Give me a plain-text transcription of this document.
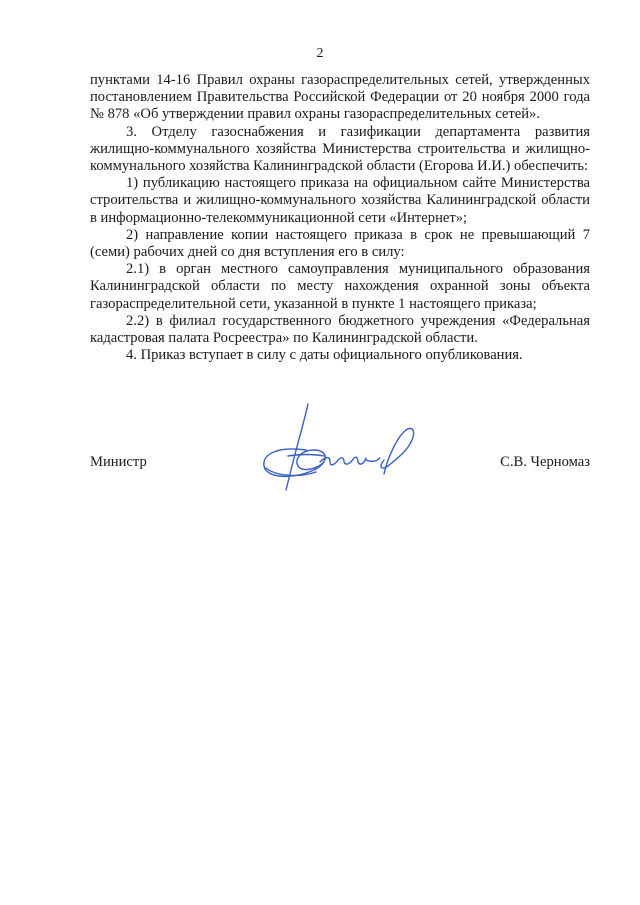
2

пунктами 14-16 Правил охраны газораспределительных сетей, утвержденных постановлением Правительства Российской Федерации от 20 ноября 2000 года № 878 «Об утверждении правил охраны газораспределительных сетей».

3. Отделу газоснабжения и газификации департамента развития жилищно-коммунального хозяйства Министерства строительства и жилищно-коммунального хозяйства Калининградской области (Егорова И.И.) обеспечить:

1) публикацию настоящего приказа на официальном сайте Министерства строительства и жилищно-коммунального хозяйства Калининградской области в информационно-телекоммуникационной сети «Интернет»;

2) направление копии настоящего приказа в срок не превышающий 7 (семи) рабочих дней со дня вступления его в силу:

2.1) в орган местного самоуправления муниципального образования Калининградской области по месту нахождения охранной зоны объекта газораспределительной сети, указанной в пункте 1 настоящего приказа;

2.2) в филиал государственного бюджетного учреждения «Федеральная кадастровая палата Росреестра» по Калининградской области.

4. Приказ вступает в силу с даты официального опубликования.

Министр	С.В. Черномаз
